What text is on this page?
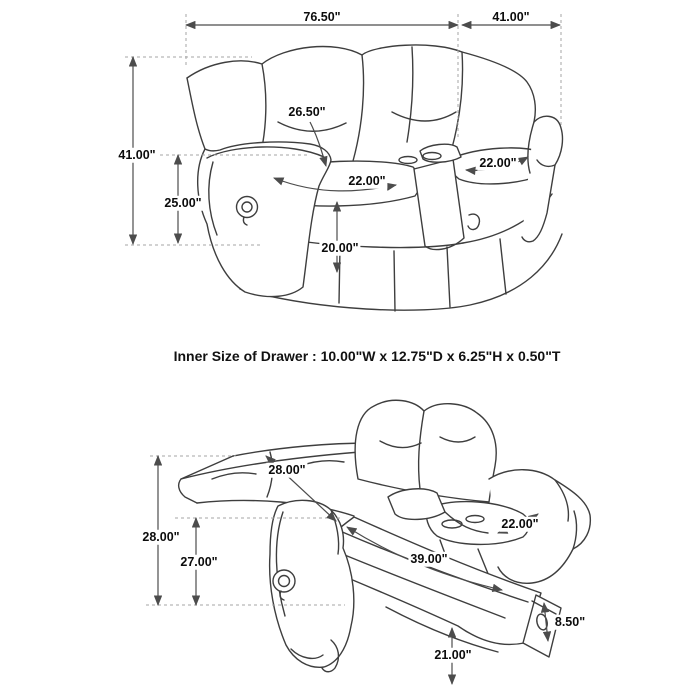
76.50"	41.00"
41.00"
25.00"
26.50"
22.00"
22.00"
20.00"
Inner Size of Drawer : 10.00"W x 12.75"D x 6.25"H x 0.50"T
28.00"
27.00"
28.00"
22.00"
39.00"
8.50"
21.00"
